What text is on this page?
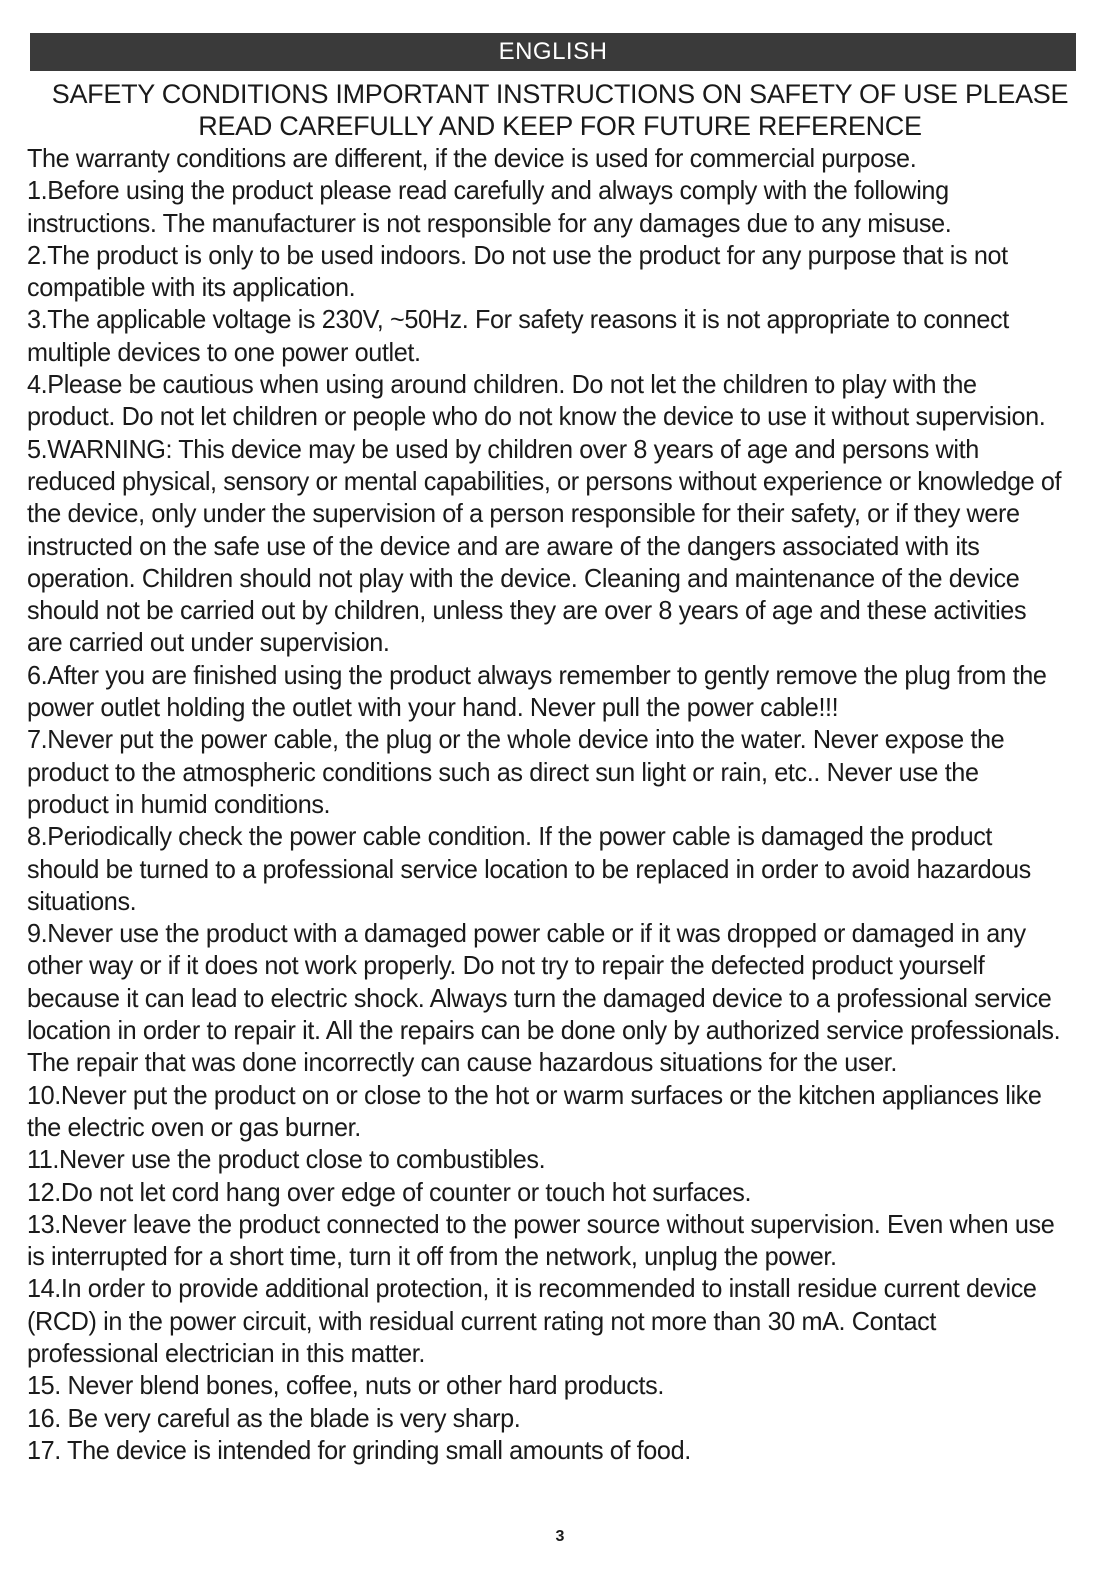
ENGLISH
SAFETY CONDITIONS IMPORTANT INSTRUCTIONS ON SAFETY OF USE PLEASE
READ CAREFULLY AND KEEP FOR FUTURE REFERENCE

The warranty conditions are different, if the device is used for commercial purpose.

1.Before using the product please read carefully and always comply with the following instructions. The manufacturer is not responsible for any damages due to any misuse.

2.The product is only to be used indoors. Do not use the product for any purpose that is not compatible with its application.

3.The applicable voltage is 230V, ~50Hz. For safety reasons it is not appropriate to connect multiple devices to one power outlet.

4.Please be cautious when using around children. Do not let the children to play with the product. Do not let children or people who do not know the device to use it without supervision.

5.WARNING: This device may be used by children over 8 years of age and persons with reduced physical, sensory or mental capabilities, or persons without experience or knowledge of the device, only under the supervision of a person responsible for their safety, or if they were instructed on the safe use of the device and are aware of the dangers associated with its operation. Children should not play with the device. Cleaning and maintenance of the device should not be carried out by children, unless they are over 8 years of age and these activities are carried out under supervision.

6.After you are finished using the product always remember to gently remove the plug from the power outlet holding the outlet with your hand. Never pull the power cable!!!

7.Never put the power cable, the plug or the whole device into the water. Never expose the product to the atmospheric conditions such as direct sun light or rain, etc.. Never use the product in humid conditions.

8.Periodically check the power cable condition. If the power cable is damaged the product should be turned to a professional service location to be replaced in order to avoid hazardous situations.

9.Never use the product with a damaged power cable or if it was dropped or damaged in any other way or if it does not work properly. Do not try to repair the defected product yourself because it can lead to electric shock. Always turn the damaged device to a professional service location in order to repair it. All the repairs can be done only by authorized service professionals. The repair that was done incorrectly can cause hazardous situations for the user.

10.Never put the product on or close to the hot or warm surfaces or the kitchen appliances like the electric oven or gas burner.

11.Never use the product close to combustibles.

12.Do not let cord hang over edge of counter or touch hot surfaces.

13.Never leave the product connected to the power source without supervision. Even when use is interrupted for a short time, turn it off from the network, unplug the power.

14.In order to provide additional protection, it is recommended to install residue current device (RCD) in the power circuit, with residual current rating not more than 30 mA. Contact professional electrician in this matter.

15. Never blend bones, coffee, nuts or other hard products.

16. Be very careful as the blade is very sharp.

17. The device is intended for grinding small amounts of food.

3
